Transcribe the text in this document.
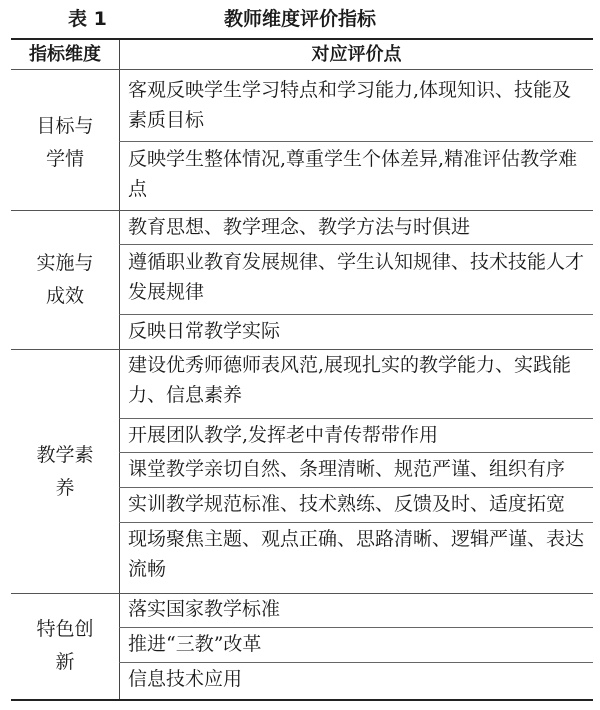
表 1	教师维度评价指标
指标维度	对应评价点
目标与学情
客观反映学生学习特点和学习能力,体现知识、技能及素质目标
反映学生整体情况,尊重学生个体差异,精准评估教学难点
实施与成效
教育思想、教学理念、教学方法与时俱进
遵循职业教育发展规律、学生认知规律、技术技能人才发展规律
反映日常教学实际
教学素养
建设优秀师德师表风范,展现扎实的教学能力、实践能力、信息素养
开展团队教学,发挥老中青传帮带作用
课堂教学亲切自然、条理清晰、规范严谨、组织有序
实训教学规范标准、技术熟练、反馈及时、适度拓宽
现场聚焦主题、观点正确、思路清晰、逻辑严谨、表达流畅
特色创新
落实国家教学标准
推进“三教”改革
信息技术应用
